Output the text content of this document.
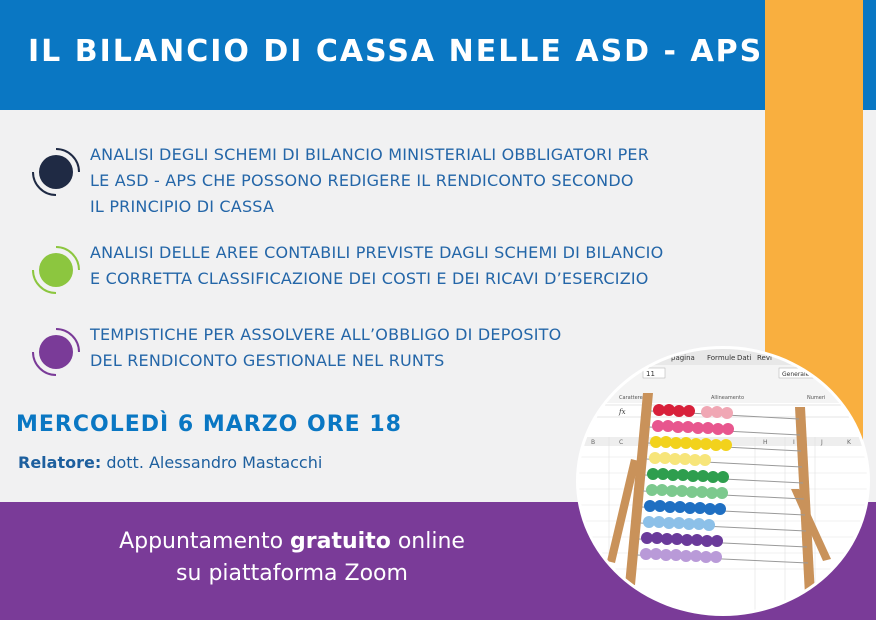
IL BILANCIO DI CASSA NELLE ASD - APS
ANALISI DEGLI SCHEMI DI BILANCIO MINISTERIALI OBBLIGATORI PER
LE ASD - APS CHE POSSONO REDIGERE IL RENDICONTO SECONDO
IL PRINCIPIO DI CASSA
ANALISI DELLE AREE CONTABILI PREVISTE DAGLI SCHEMI DI BILANCIO
E CORRETTA CLASSIFICAZIONE DEI COSTI E DEI RICAVI D’ESERCIZIO
TEMPISTICHE PER ASSOLVERE ALL’OBBLIGO DI DEPOSITO
DEL RENDICONTO GESTIONALE NEL RUNTS
MERCOLEDÌ 6 MARZO ORE 18
Relatore: dott. Alessandro Mastacchi
Appuntamento gratuito online
su piattaforma Zoom
pagina Formule Dati Revi
11	Generale
Carattere	Allineamento	Numeri
fx
B	C	H	I	J	K
